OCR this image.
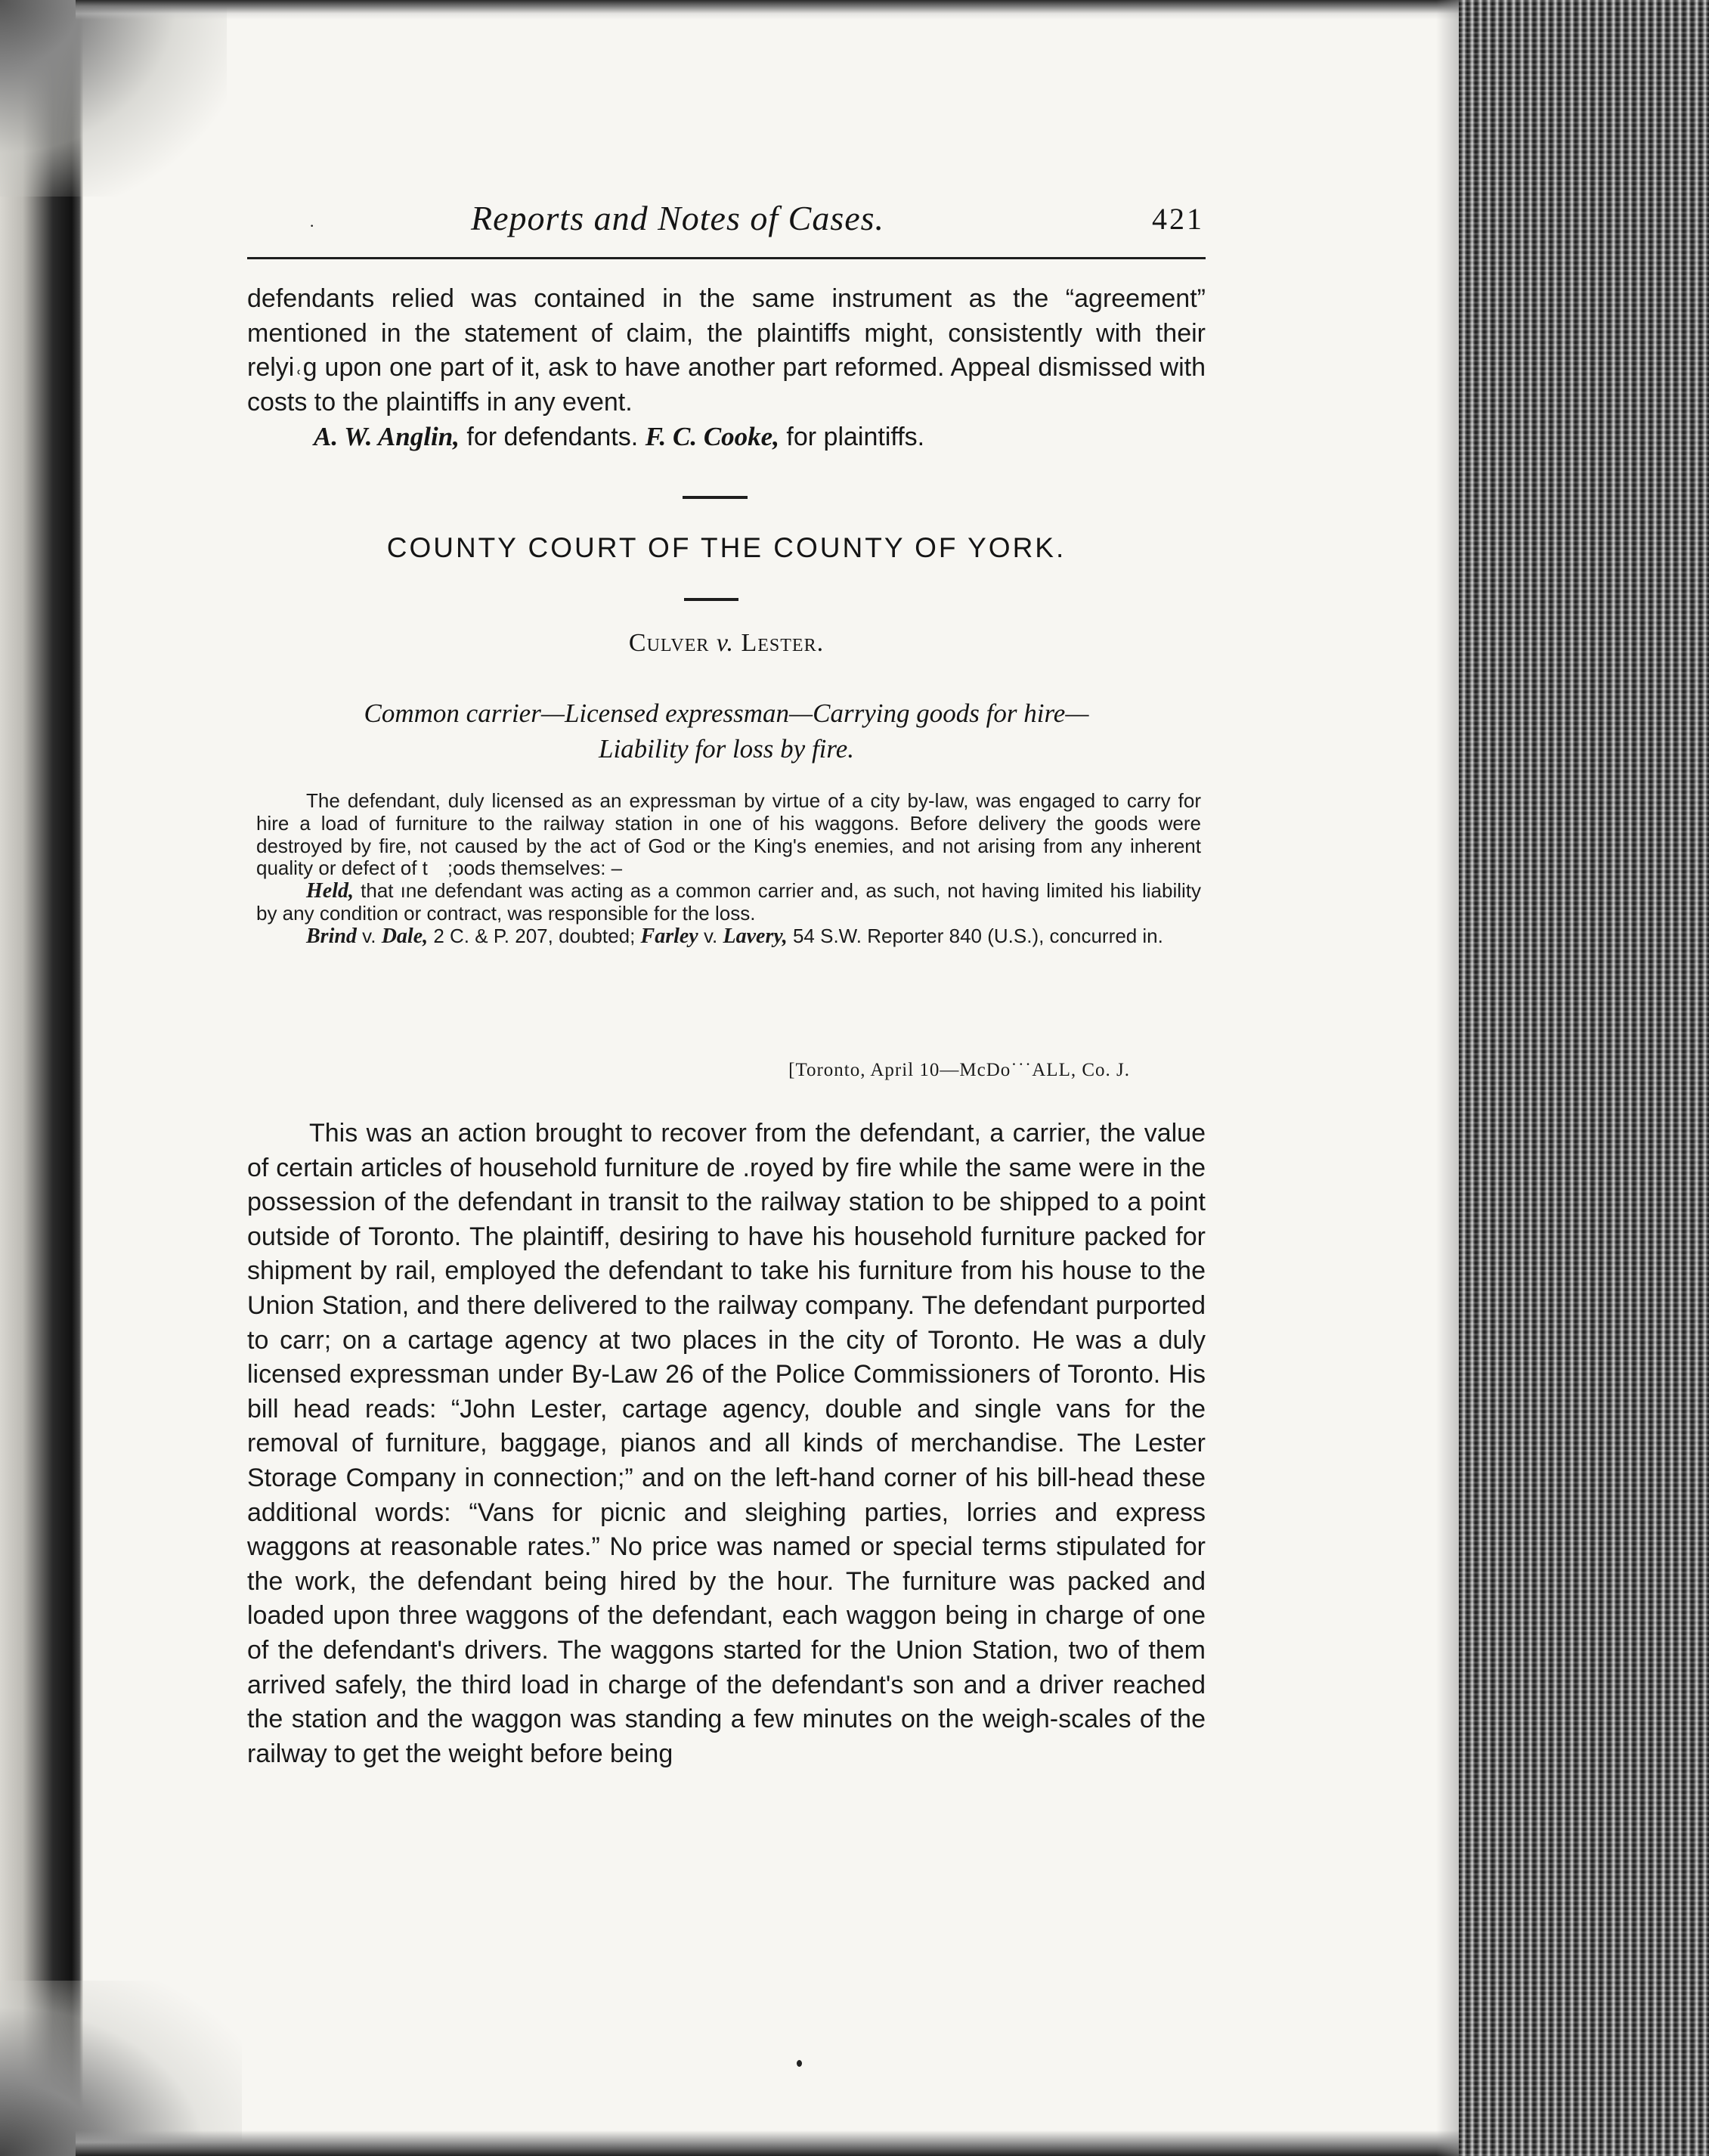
·	Reports and Notes of Cases.	421
defendants relied was contained in the same instrument as the “agreement” mentioned in the statement of claim, the plaintiffs might, consistently with their relyi˓g upon one part of it, ask to have another part reformed. Appeal dismissed with costs to the plaintiffs in any event.
A. W. Anglin, for defendants. F. C. Cooke, for plaintiffs.
COUNTY COURT OF THE COUNTY OF YORK.
Culver v. Lester.
Common carrier—Licensed expressman—Carrying goods for hire—
Liability for loss by fire.

The defendant, duly licensed as an expressman by virtue of a city by-law, was engaged to carry for hire a load of furniture to the railway station in one of his waggons. Before delivery the goods were destroyed by fire, not caused by the act of God or the King's enemies, and not arising from any inherent quality or defect of t  ;oods themselves: –

Held, that ıne defendant was acting as a common carrier and, as such, not having limited his liability by any condition or contract, was responsible for the loss.

Brind v. Dale, 2 C. & P. 207, doubted; Farley v. Lavery, 54 S.W. Reporter 840 (U.S.), concurred in.

[Toronto, April 10—McDo˙˙˙ALL, Co. J.

This was an action brought to recover from the defendant, a carrier, the value of certain articles of household furniture de .royed by fire while the same were in the possession of the defendant in transit to the railway station to be shipped to a point outside of Toronto. The plaintiff, desiring to have his household furniture packed for shipment by rail, employed the defendant to take his furniture from his house to the Union Station, and there delivered to the railway company. The defendant purported to carr; on a cartage agency at two places in the city of Toronto. He was a duly licensed expressman under By-Law 26 of the Police Commissioners of Toronto. His bill head reads: “John Lester, cartage agency, double and single vans for the removal of furniture, baggage, pianos and all kinds of merchandise. The Lester Storage Company in connection;” and on the left-hand corner of his bill-head these additional words: “Vans for picnic and sleighing parties, lorries and express waggons at reasonable rates.” No price was named or special terms stipulated for the work, the defendant being hired by the hour. The furniture was packed and loaded upon three waggons of the defendant, each waggon being in charge of one of the defendant's drivers. The waggons started for the Union Station, two of them arrived safely, the third load in charge of the defendant's son and a driver reached the station and the waggon was standing a few minutes on the weigh-scales of the railway to get the weight before being
